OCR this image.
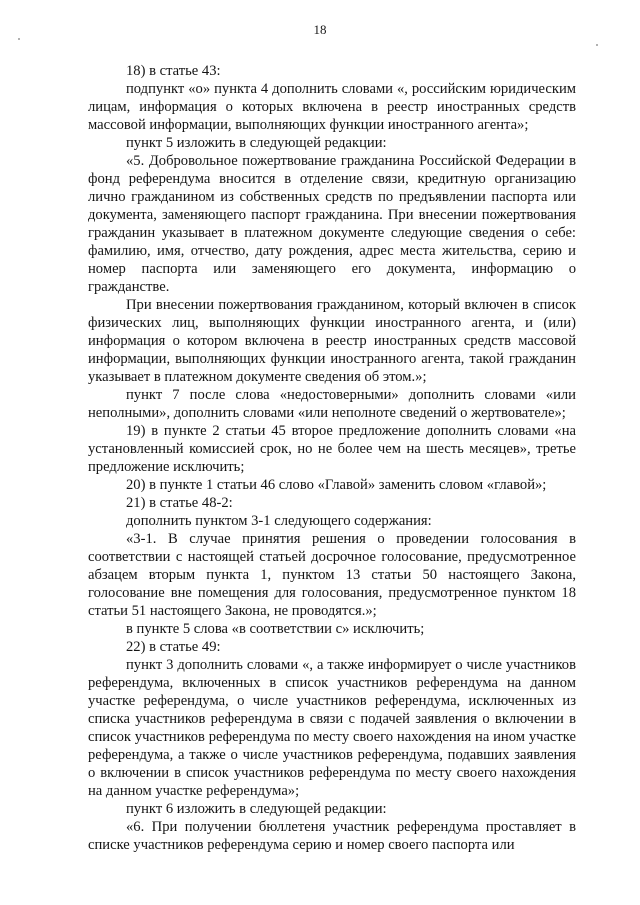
18

18) в статье 43:

подпункт «о» пункта 4 дополнить словами «, российским юридическим лицам, информация о которых включена в реестр иностранных средств массовой информации, выполняющих функции иностранного агента»;

пункт 5 изложить в следующей редакции:

«5. Добровольное пожертвование гражданина Российской Федерации в фонд референдума вносится в отделение связи, кредитную организацию лично гражданином из собственных средств по предъявлении паспорта или документа, заменяющего паспорт гражданина. При внесении пожертвования гражданин указывает в платежном документе следующие сведения о себе: фамилию, имя, отчество, дату рождения, адрес места жительства, серию и номер паспорта или заменяющего его документа, информацию о гражданстве.

При внесении пожертвования гражданином, который включен в список физических лиц, выполняющих функции иностранного агента, и (или) информация о котором включена в реестр иностранных средств массовой информации, выполняющих функции иностранного агента, такой гражданин указывает в платежном документе сведения об этом.»;

пункт 7 после слова «недостоверными» дополнить словами «или неполными», дополнить словами «или неполноте сведений о жертвователе»;

19) в пункте 2 статьи 45 второе предложение дополнить словами «на установленный комиссией срок, но не более чем на шесть месяцев», третье предложение исключить;

20) в пункте 1 статьи 46 слово «Главой» заменить словом «главой»;

21) в статье 48-2:

дополнить пунктом 3-1 следующего содержания:

«3-1. В случае принятия решения о проведении голосования в соответствии с настоящей статьей досрочное голосование, предусмотренное абзацем вторым пункта 1, пунктом 13 статьи 50 настоящего Закона, голосование вне помещения для голосования, предусмотренное пунктом 18 статьи 51 настоящего Закона, не проводятся.»;

в пункте 5 слова «в соответствии с» исключить;

22) в статье 49:

пункт 3 дополнить словами «, а также информирует о числе участников референдума, включенных в список участников референдума на данном участке референдума, о числе участников референдума, исключенных из списка участников референдума в связи с подачей заявления о включении в список участников референдума по месту своего нахождения на ином участке референдума, а также о числе участников референдума, подавших заявления о включении в список участников референдума по месту своего нахождения на данном участке референдума»;

пункт 6 изложить в следующей редакции:

«6. При получении бюллетеня участник референдума проставляет в списке участников референдума серию и номер своего паспорта или
